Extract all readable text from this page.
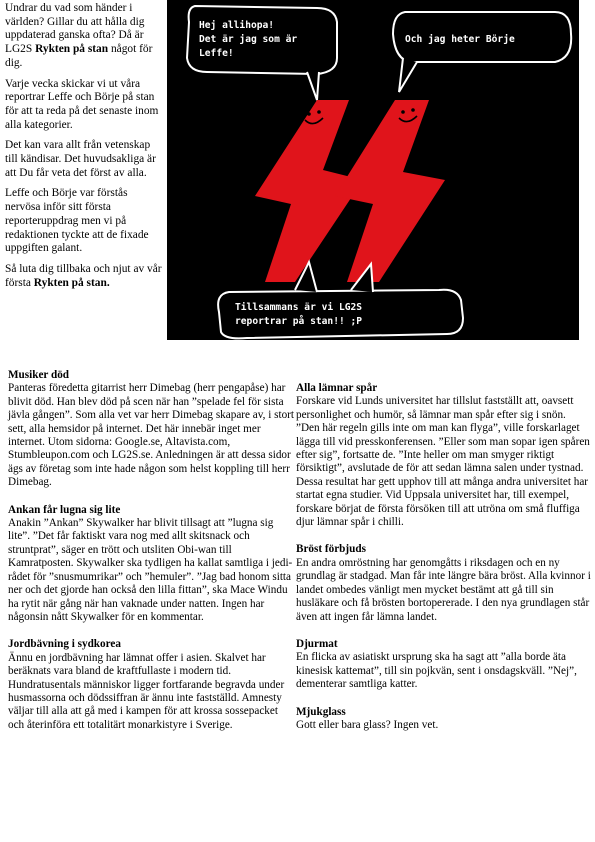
Undrar du vad som händer i världen? Gillar du att hålla dig uppdaterad ganska ofta? Då är LG2S Rykten på stan något för dig.

Varje vecka skickar vi ut våra reportrar Leffe och Börje på stan för att ta reda på det senaste inom alla kategorier.

Det kan vara allt från vetenskap till kändisar. Det huvudsakliga är att Du får veta det först av alla.

Leffe och Börje var förstås nervösa inför sitt första reporteruppdrag men vi på redaktionen tyckte att de fixade uppgiften galant.

Så luta dig tillbaka och njut av vår första Rykten på stan.

Hej allihopa!
Det är jag som är
Leffe!
Och jag heter Börje
Tillsammans är vi LG2S
reportrar på stan!! ;P
Musiker död

Panteras föredetta gitarrist herr Dimebag (herr pengapåse) har blivit död. Han blev död på scen när han ”spelade fel för sista jävla gången”. Som alla vet var herr Dimebag skapare av, i stort sett, alla hemsidor på internet. Det här innebär inget mer internet. Utom sidorna: Google.se, Altavista.com, Stumbleupon.com och LG2S.se. Anledningen är att dessa sidor ägs av företag som inte hade någon som helst koppling till herr Dimebag.

Ankan får lugna sig lite

Anakin ”Ankan” Skywalker har blivit tillsagt att ”lugna sig lite”. ”Det får faktiskt vara nog med allt skitsnack och struntprat”, säger en trött och utsliten Obi-wan till Kamratposten. Skywalker ska tydligen ha kallat samtliga i jedi-rådet för ”snusmumrikar” och ”hemuler”. ”Jag bad honom sitta ner och det gjorde han också den lilla fittan”, ska Mace Windu ha rytit när gång när han vaknade under natten. Ingen har någonsin nått Skywalker för en kommentar.

Jordbävning i sydkorea

Ännu en jordbävning har lämnat offer i asien. Skalvet har beräknats vara bland de kraftfullaste i modern tid. Hundratusentals människor ligger fortfarande begravda under husmassorna och dödssiffran är ännu inte fastställd. Amnesty väljar till alla att gå med i kampen för att krossa sossepacket och återinföra ett totalitärt monarkistyre i Sverige.

Alla lämnar spår

Forskare vid Lunds universitet har tillslut fastställt att, oavsett personlighet och humör, så lämnar man spår efter sig i snön. ”Den här regeln gills inte om man kan flyga”, ville forskarlaget lägga till vid presskonferensen. ”Eller som man sopar igen spåren efter sig”, fortsatte de. ”Inte heller om man smyger riktigt försiktigt”, avslutade de för att sedan lämna salen under tystnad. Dessa resultat har gett upphov till att många andra universitet har startat egna studier. Vid Uppsala universitet har, till exempel, forskare börjat de första försöken till att utröna om små fluffiga djur lämnar spår i chilli.

Bröst förbjuds

En andra omröstning har genomgåtts i riksdagen och en ny grundlag är stadgad. Man får inte längre bära bröst. Alla kvinnor i landet ombedes vänligt men mycket bestämt att gå till sin husläkare och få brösten bortopererade. I den nya grundlagen står även att ingen får lämna landet.

Djurmat

En flicka av asiatiskt ursprung ska ha sagt att ”alla borde äta kinesisk kattemat”, till sin pojkvän, sent i onsdagskväll. ”Nej”, dementerar samtliga katter.

Mjukglass

Gott eller bara glass? Ingen vet.
